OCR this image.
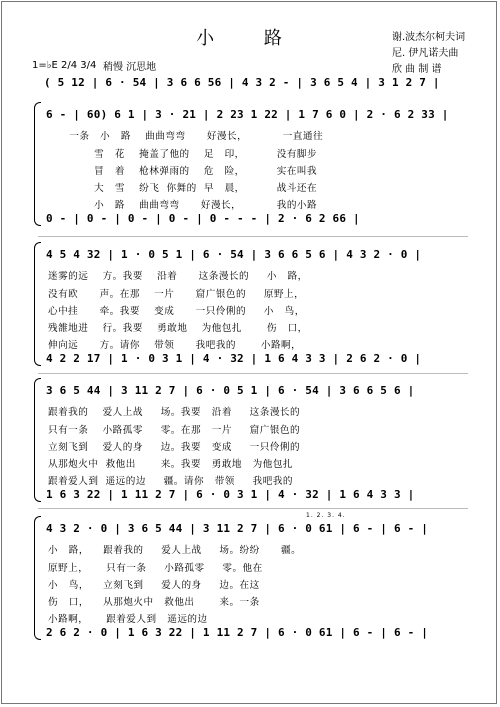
小 路	谢.波杰尔柯夫词
尼. 伊凡诺夫曲
欣 曲 制 谱
1=♭E 2/4 3/4 稍慢 沉思地
( 5 12 | 6 · 54 | 3 6 6 56 | 4 3 2 - | 3 6 5 4 | 3 1 2 7 |
6 - | 60) 6 1 | 3 · 21 | 2 23 1 22 | 1 7 6 0 | 2 · 6 2 33 |
一条   小   路    曲曲弯弯      好漫长，          一直通往
雪   花    掩盖了他的    足   印，         没有脚步
冒   着    枪林弹雨的    危   险，         实在叫我
大   雪    纷飞  你舞的  早   晨，         战斗还在
小   路    曲曲弯弯      好漫长，          我的小路
0 - | 0 - | 0 - | 0 - | 0 - - - | 2 · 6 2 66 |
4 5 4 32 | 1 · 0 5 1 | 6 · 54 | 3 6 6 5 6 | 4 3 2 · 0 |
迷雾的远    方。我要    沿着      这条漫长的     小   路，
没有欧      声。在那    一片      窟广银色的     原野上，
心中挂      牵。我要    变成      一只伶俐的     小   鸟，
残雒地进    行。我要    勇敢地    为他包扎       伤   口，
伸向远      方。请你    带领      我吧我的       小路啊，
4 2 2 17 | 1 · 0 3 1 | 4 · 32 | 1 6 4 3 3 | 2 6 2 · 0 |
3 6 5 44 | 3 11 2 7 | 6 · 0 5 1 | 6 · 54 | 3 6 6 5 6 |
跟着我的    爱人上战     场。我要   沿着     这条漫长的
只有一条    小路孤零     零。在那   一片     窟广银色的
立刻飞到    爱人的身     边。我要   变成     一只伶俐的
从那炮火中  救他出       来。我要   勇敢地   为他包扎
跟着爱人到  遥远的边     疆。请你   带领     我吧我的
1 6 3 22 | 1 11 2 7 | 6 · 0 3 1 | 4 · 32 | 1 6 4 3 3 |
1. 2. 3. 4.
4 3 2 · 0 | 3 6 5 44 | 3 11 2 7 | 6 · 0 61 | 6 - | 6 - |
小   路，    跟着我的     爱人上战     场。纷纷      疆。
原野上，     只有一条     小路孤零     零。他在
小   鸟，    立刻飞到     爱人的身     边。在这
伤   口，    从那炮火中   救他出       来。一条
小路啊，     跟着爱人到   遥远的边
2 6 2 · 0 | 1 6 3 22 | 1 11 2 7 | 6 · 0 61 | 6 - | 6 - |
